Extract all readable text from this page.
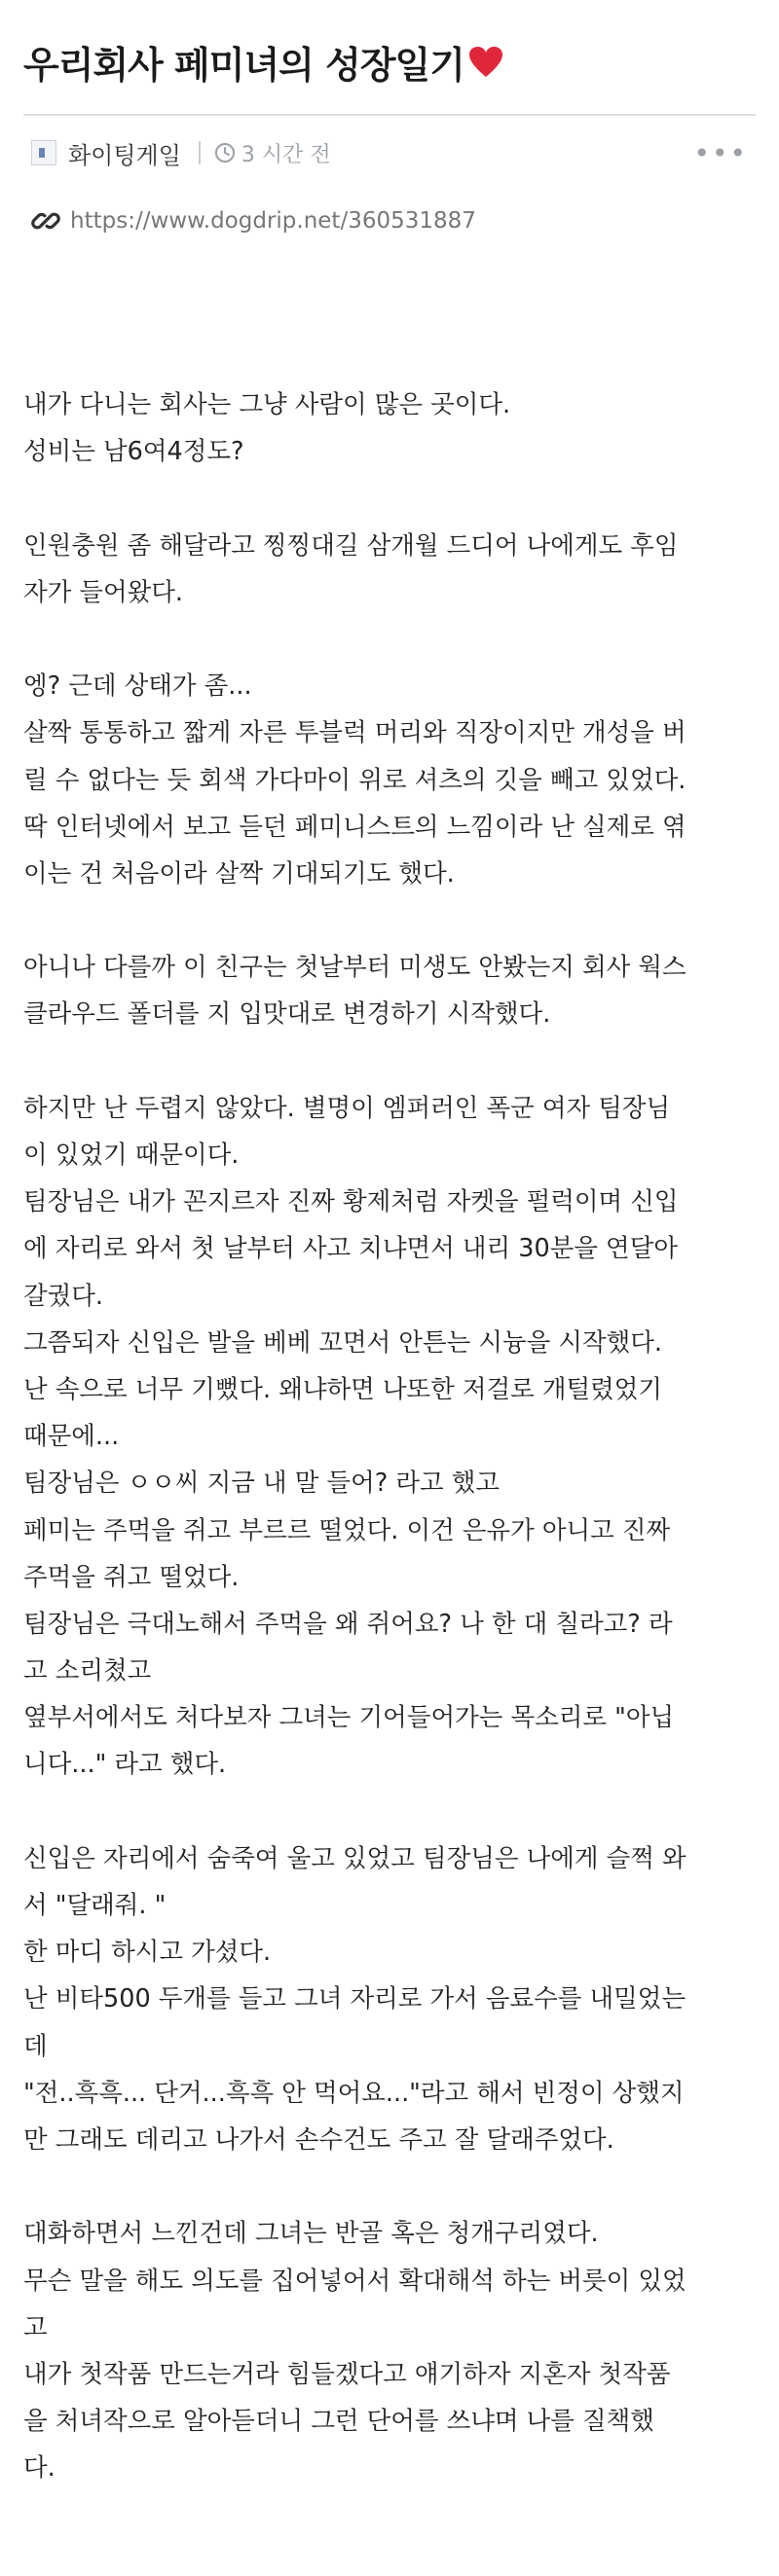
우리회사 페미녀의 성장일기
화이팅게일	3 시간 전	•••
https://www.dogdrip.net/360531887
내가 다니는 회사는 그냥 사람이 많은 곳이다.
성비는 남6여4정도?
인원충원 좀 해달라고 찡찡대길 삼개월 드디어 나에게도 후임
자가 들어왔다.
엥? 근데 상태가 좀...
살짝 통통하고 짧게 자른 투블럭 머리와 직장이지만 개성을 버
릴 수 없다는 듯 회색 가다마이 위로 셔츠의 깃을 빼고 있었다.
딱 인터넷에서 보고 듣던 페미니스트의 느낌이라 난 실제로 엮
이는 건 처음이라 살짝 기대되기도 했다.
아니나 다를까 이 친구는 첫날부터 미생도 안봤는지 회사 웍스
클라우드 폴더를 지 입맛대로 변경하기 시작했다.
하지만 난 두렵지 않았다. 별명이 엠퍼러인 폭군 여자 팀장님
이 있었기 때문이다.
팀장님은 내가 꼰지르자 진짜 황제처럼 자켓을 펄럭이며 신입
에 자리로 와서 첫 날부터 사고 치냐면서 내리 30분을 연달아
갈궜다.
그쯤되자 신입은 발을 베베 꼬면서 안튼는 시늉을 시작했다.
난 속으로 너무 기뻤다. 왜냐하면 나또한 저걸로 개털렸었기
때문에...
팀장님은 ㅇㅇ씨 지금 내 말 들어? 라고 했고
페미는 주먹을 쥐고 부르르 떨었다. 이건 은유가 아니고 진짜
주먹을 쥐고 떨었다.
팀장님은 극대노해서 주먹을 왜 쥐어요? 나 한 대 칠라고? 라
고 소리쳤고
옆부서에서도 처다보자 그녀는 기어들어가는 목소리로 "아닙
니다..." 라고 했다.
신입은 자리에서 숨죽여 울고 있었고 팀장님은 나에게 슬쩍 와
서 "달래줘. "
한 마디 하시고 가셨다.
난 비타500 두개를 들고 그녀 자리로 가서 음료수를 내밀었는
데
"전..흑흑... 단거...흑흑 안 먹어요..."라고 해서 빈정이 상했지
만 그래도 데리고 나가서 손수건도 주고 잘 달래주었다.
대화하면서 느낀건데 그녀는 반골 혹은 청개구리였다.
무슨 말을 해도 의도를 집어넣어서 확대해석 하는 버릇이 있었
고
내가 첫작품 만드는거라 힘들겠다고 얘기하자 지혼자 첫작품
을 처녀작으로 알아듣더니 그런 단어를 쓰냐며 나를 질책했
다.
